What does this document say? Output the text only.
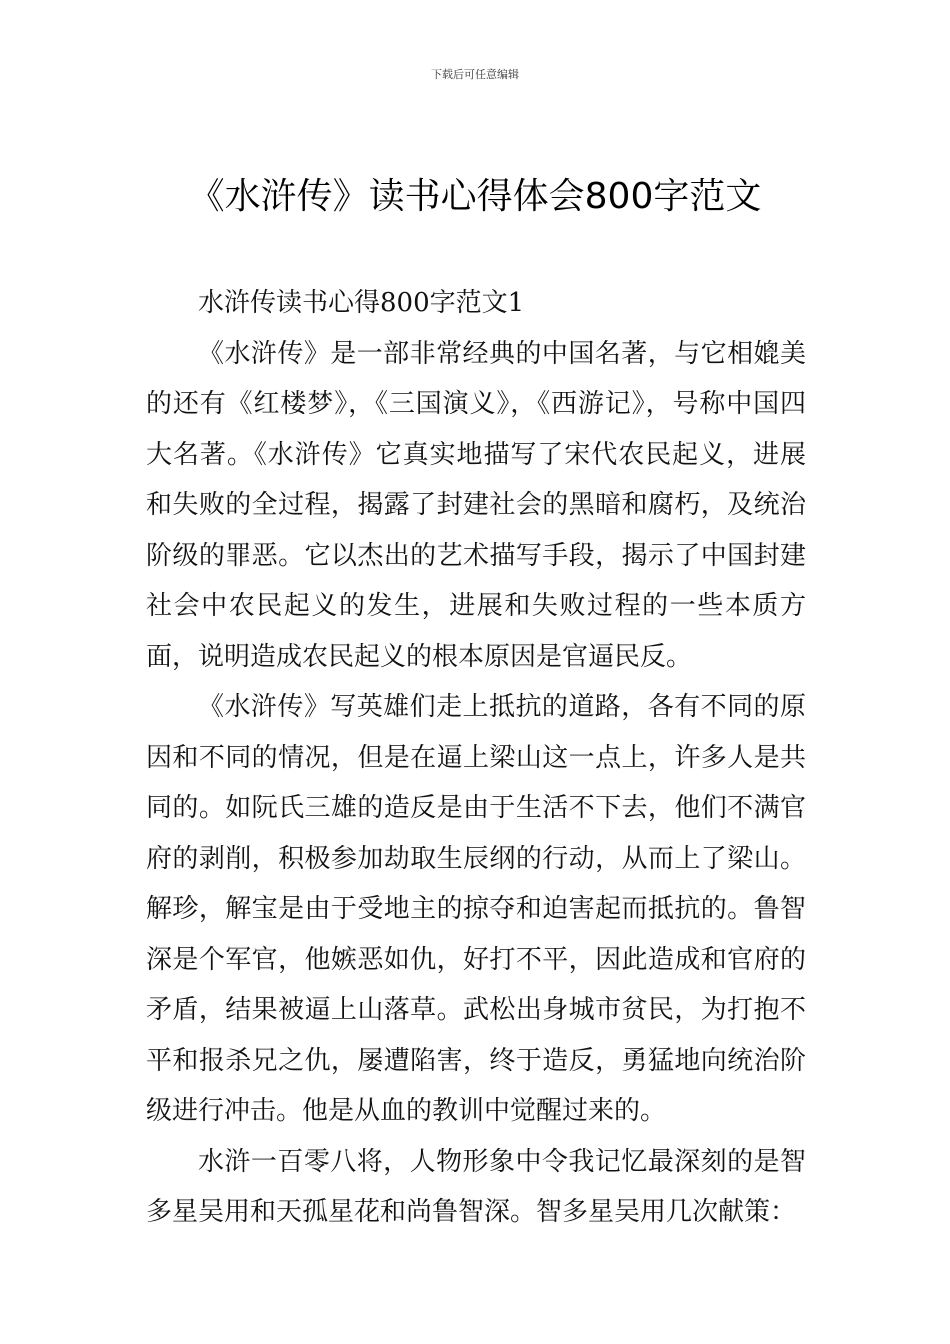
下载后可任意编辑
《水浒传》读书心得体会800字范文

水浒传读书心得800字范文1

《水浒传》是一部非常经典的中国名著，与它相媲美的还有《红楼梦》，《三国演义》，《西游记》，号称中国四大名著。《水浒传》它真实地描写了宋代农民起义，进展和失败的全过程，揭露了封建社会的黑暗和腐朽，及统治阶级的罪恶。它以杰出的艺术描写手段，揭示了中国封建社会中农民起义的发生，进展和失败过程的一些本质方面，说明造成农民起义的根本原因是官逼民反。

《水浒传》写英雄们走上抵抗的道路，各有不同的原因和不同的情况，但是在逼上梁山这一点上，许多人是共同的。如阮氏三雄的造反是由于生活不下去，他们不满官府的剥削，积极参加劫取生辰纲的行动，从而上了梁山。解珍，解宝是由于受地主的掠夺和迫害起而抵抗的。鲁智深是个军官，他嫉恶如仇，好打不平，因此造成和官府的矛盾，结果被逼上山落草。武松出身城市贫民，为打抱不平和报杀兄之仇，屡遭陷害，终于造反，勇猛地向统治阶级进行冲击。他是从血的教训中觉醒过来的。

水浒一百零八将，人物形象中令我记忆最深刻的是智多星吴用和天孤星花和尚鲁智深。智多星吴用几次献策：
